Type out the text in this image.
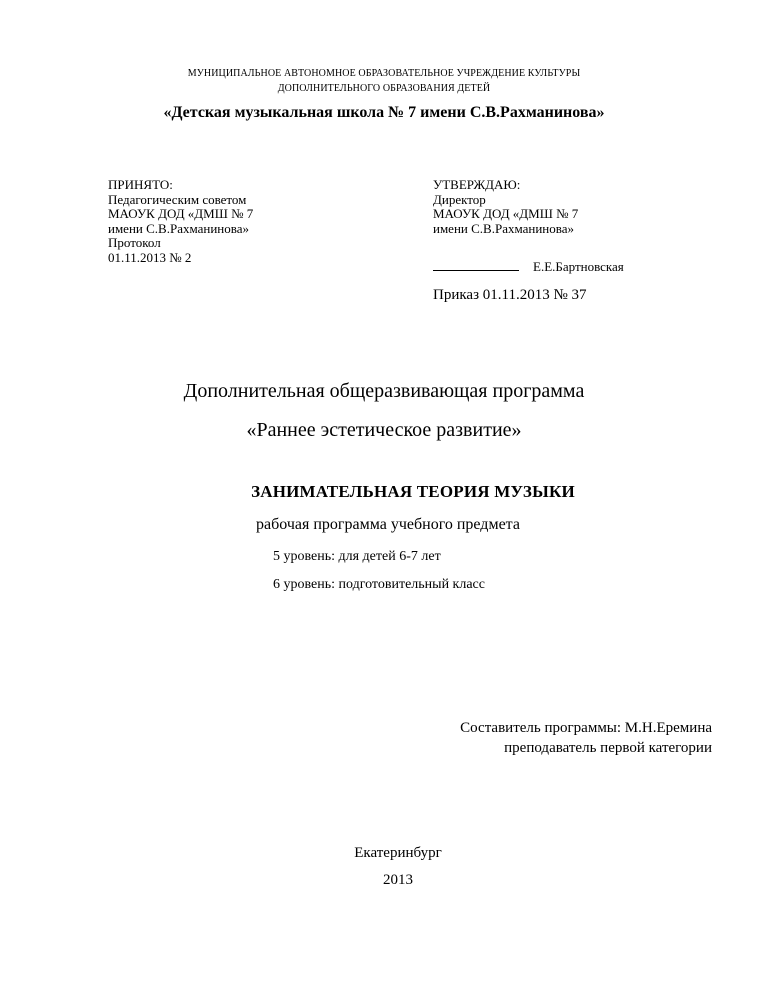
МУНИЦИПАЛЬНОЕ АВТОНОМНОЕ ОБРАЗОВАТЕЛЬНОЕ УЧРЕЖДЕНИЕ КУЛЬТУРЫ
ДОПОЛНИТЕЛЬНОГО ОБРАЗОВАНИЯ ДЕТЕЙ
«Детская музыкальная школа № 7 имени С.В.Рахманинова»
ПРИНЯТО:
Педагогическим советом
МАОУК ДОД «ДМШ № 7
имени С.В.Рахманинова»
Протокол
01.11.2013 № 2
УТВЕРЖДАЮ:
Директор
МАОУК ДОД «ДМШ № 7
имени С.В.Рахманинова»
Е.Е.Бартновская
Приказ 01.11.2013 № 37
Дополнительная общеразвивающая программа
«Раннее эстетическое развитие»
ЗАНИМАТЕЛЬНАЯ ТЕОРИЯ МУЗЫКИ
рабочая программа учебного предмета
5 уровень: для детей 6-7 лет
6 уровень: подготовительный класс
Составитель программы: М.Н.Еремина
преподаватель первой категории
Екатеринбург
2013
